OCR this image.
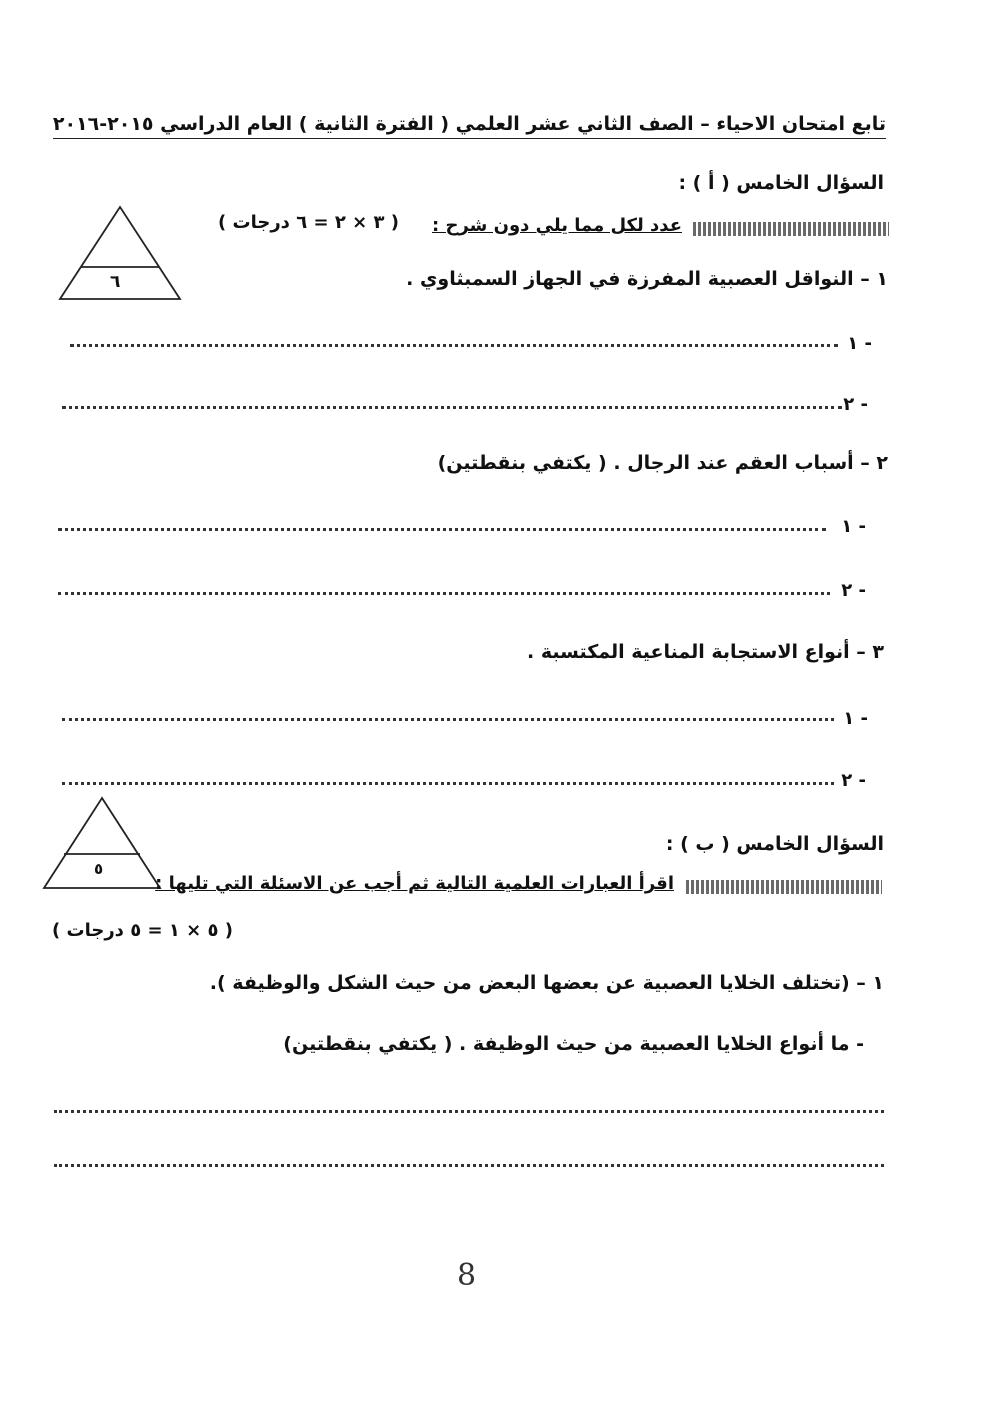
تابع امتحان الاحياء – الصف الثاني عشر العلمي ( الفترة الثانية ) العام الدراسي ٢٠١٥-٢٠١٦
السؤال الخامس ( أ ) :
٦
عدد لكل مما يلي دون شرح :
( ٣ × ٢ = ٦ درجات )
١ – النواقل العصبية المفرزة في الجهاز السمبثاوي .
١ -
٢ -
٢ – أسباب العقم عند الرجال . ( يكتفي بنقطتين)
١ -
٢ -
٣ – أنواع الاستجابة المناعية المكتسبة .
١ -
٢ -
السؤال الخامس ( ب ) :
٥
اقرأ العبارات العلمية التالية ثم أجب عن الاسئلة التي تليها :
( ٥ × ١ = ٥ درجات )
١ – (تختلف الخلايا العصبية عن بعضها البعض من حيث الشكل والوظيفة ).
- ما أنواع الخلايا العصبية من حيث الوظيفة . ( يكتفي بنقطتين)
8
